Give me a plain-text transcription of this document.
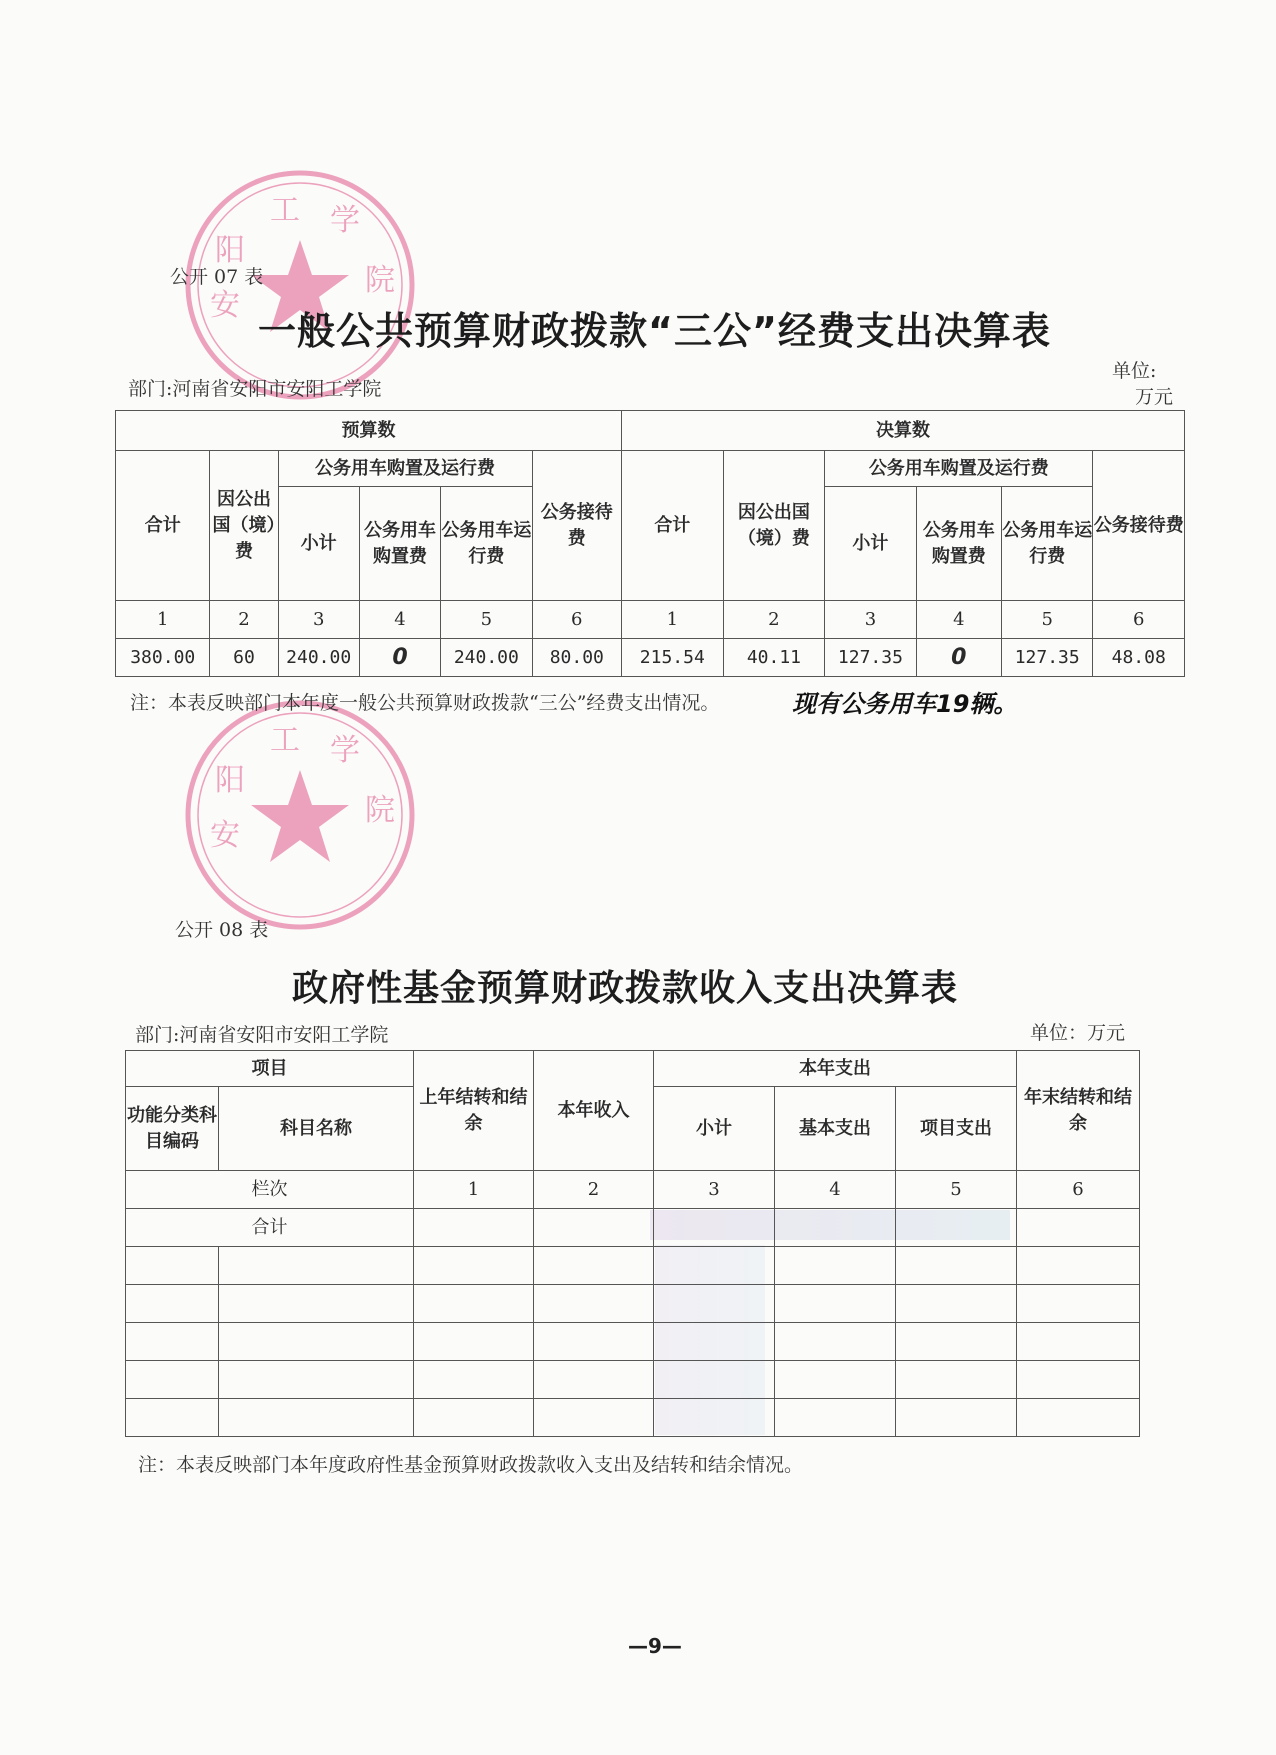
工 学
阳
院
安
工 学
阳
院
安
公开 07 表
一般公共预算财政拨款“三公”经费支出决算表
部门:河南省安阳市安阳工学院
单位:
万元
预算数						决算数					
合计	因公出国（境）费	公务用车购置及运行费			公务接待费	合计	因公出国（境）费	公务用车购置及运行费			公务接待费
		小计	公务用车购置费	公务用车运行费				小计	公务用车购置费	公务用车运行费	
1	2	3	4	5	6	1	2	3	4	5	6
380.00	60	240.00	0	240.00	80.00	215.54	40.11	127.35	0	127.35	48.08
注：本表反映部门本年度一般公共预算财政拨款“三公”经费支出情况。	现有公务用车19辆。
公开 08 表
政府性基金预算财政拨款收入支出决算表
部门:河南省安阳市安阳工学院	单位：万元
项目		上年结转和结余	本年收入	本年支出			年末结转和结余
功能分类科目编码	科目名称			小计	基本支出	项目支出	
栏次		1	2	3	4	5	6
合计							

注：本表反映部门本年度政府性基金预算财政拨款收入支出及结转和结余情况。
—9—
